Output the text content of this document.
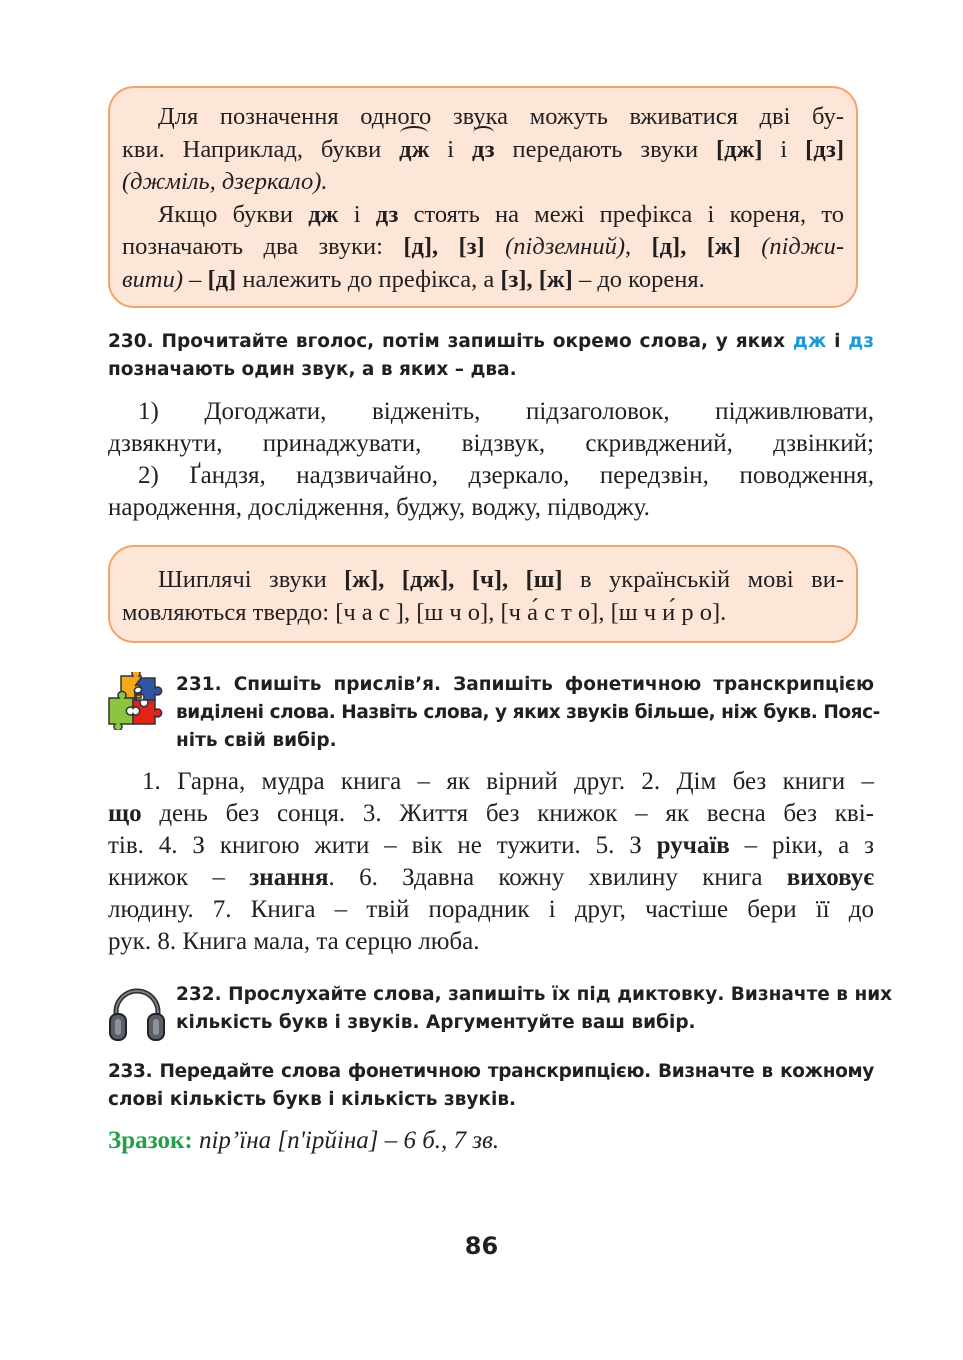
Для позначення одного звука можуть вживатися дві бу-
кви. Наприклад, букви дж і дз передають звуки [дж] і [дз]
(джміль, дзеркало).
Якщо букви дж і дз стоять на межі префікса і кореня, то
позначають два звуки: [д], [з] (підземний), [д], [ж] (піджи-
вити) – [д] належить до префікса, а [з], [ж] – до кореня.
230. Прочитайте вголос, потім запишіть окремо слова, у яких дж і дз
позначають один звук, а в яких – два.
1) Догоджати, відженіть, підзаголовок, підживлювати,
дзвякнути, принаджувати, відзвук, скривджений, дзвінкий;
2) Ґандзя, надзвичайно, дзеркало, передзвін, поводження,
народження, дослідження, буджу, воджу, підводжу.
Шиплячі звуки [ж], [дж], [ч], [ш] в українській мові ви-
мовляються твердо: [ч а с ], [ш ч о], [ч а́ с т о], [ш ч и́ р о].
231. Спишіть прислів’я. Запишіть фонетичною транскрипцією
виділені слова. Назвіть слова, у яких звуків більше, ніж букв. Пояс-
ніть свій вибір.
1. Гарна, мудра книга – як вірний друг. 2. Дім без книги –
що день без сонця. 3. Життя без книжок – як весна без кві-
тів. 4. З книгою жити – вік не тужити. 5. З ручаїв – ріки, а з
книжок – знання. 6. Здавна кожну хвилину книга виховує
людину. 7. Книга – твій порадник і друг, частіше бери її до
рук. 8. Книга мала, та серцю люба.
232. Прослухайте слова, запишіть їх під диктовку. Визначте в них
кількість букв і звуків. Аргументуйте ваш вибір.
233. Передайте слова фонетичною транскрипцією. Визначте в кожному
слові кількість букв і кількість звуків.
Зразок: пір’їна [п'ірйіна] – 6 б., 7 зв.
86
